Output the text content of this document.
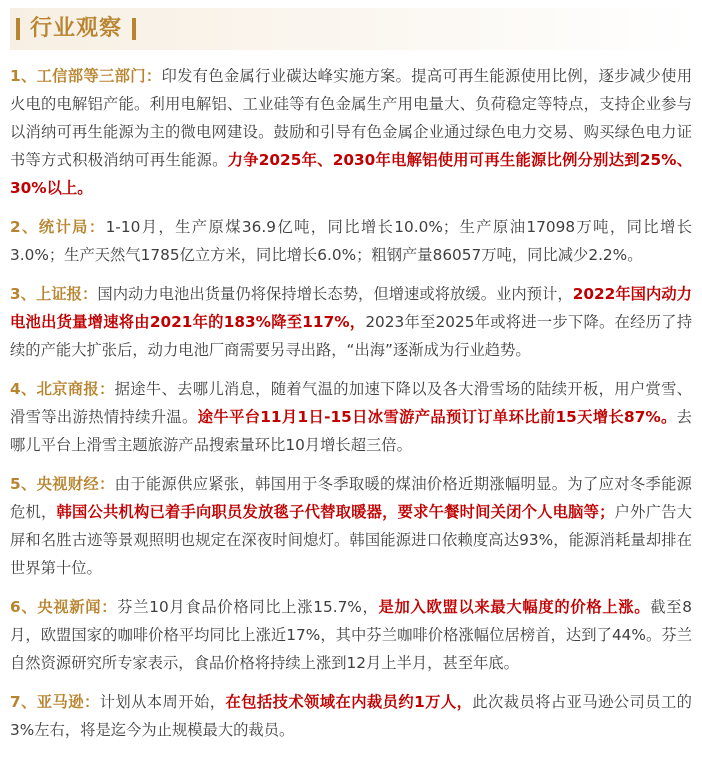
行业观察

1、工信部等三部门：印发有色金属行业碳达峰实施方案。提高可再生能源使用比例，逐步减少使用火电的电解铝产能。利用电解铝、工业硅等有色金属生产用电量大、负荷稳定等特点，支持企业参与以消纳可再生能源为主的微电网建设。鼓励和引导有色金属企业通过绿色电力交易、购买绿色电力证书等方式积极消纳可再生能源。力争2025年、2030年电解铝使用可再生能源比例分别达到25%、30%以上。

2、统计局：1-10月，生产原煤36.9亿吨，同比增长10.0%；生产原油17098万吨，同比增长3.0%；生产天然气1785亿立方米，同比增长6.0%；粗钢产量86057万吨，同比减少2.2%。

3、上证报：国内动力电池出货量仍将保持增长态势，但增速或将放缓。业内预计，2022年国内动力电池出货量增速将由2021年的183%降至117%，2023年至2025年或将进一步下降。在经历了持续的产能大扩张后，动力电池厂商需要另寻出路，“出海”逐渐成为行业趋势。

4、北京商报：据途牛、去哪儿消息，随着气温的加速下降以及各大滑雪场的陆续开板，用户赏雪、滑雪等出游热情持续升温。途牛平台11月1日-15日冰雪游产品预订订单环比前15天增长87%。去哪儿平台上滑雪主题旅游产品搜索量环比10月增长超三倍。

5、央视财经：由于能源供应紧张，韩国用于冬季取暖的煤油价格近期涨幅明显。为了应对冬季能源危机，韩国公共机构已着手向职员发放毯子代替取暖器，要求午餐时间关闭个人电脑等；户外广告大屏和名胜古迹等景观照明也规定在深夜时间熄灯。韩国能源进口依赖度高达93%，能源消耗量却排在世界第十位。

6、央视新闻：芬兰10月食品价格同比上涨15.7%，是加入欧盟以来最大幅度的价格上涨。截至8月，欧盟国家的咖啡价格平均同比上涨近17%，其中芬兰咖啡价格涨幅位居榜首，达到了44%。芬兰自然资源研究所专家表示，食品价格将持续上涨到12月上半月，甚至年底。

7、亚马逊：计划从本周开始，在包括技术领域在内裁员约1万人，此次裁员将占亚马逊公司员工的3%左右，将是迄今为止规模最大的裁员。
